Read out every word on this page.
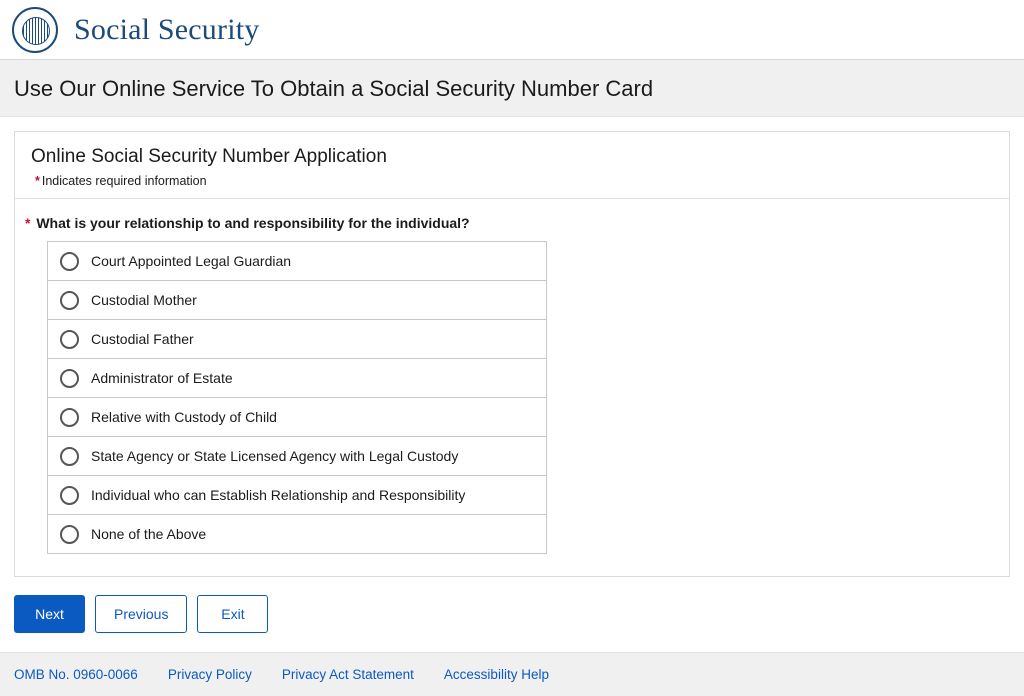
Social Security
Use Our Online Service To Obtain a Social Security Number Card
Online Social Security Number Application

* Indicates required information

* What is your relationship to and responsibility for the individual?
Court Appointed Legal Guardian
Custodial Mother
Custodial Father
Administrator of Estate
Relative with Custody of Child
State Agency or State Licensed Agency with Legal Custody
Individual who can Establish Relationship and Responsibility
None of the Above
Next	Previous	Exit
OMB No. 0960-0066 Privacy Policy Privacy Act Statement Accessibility Help
